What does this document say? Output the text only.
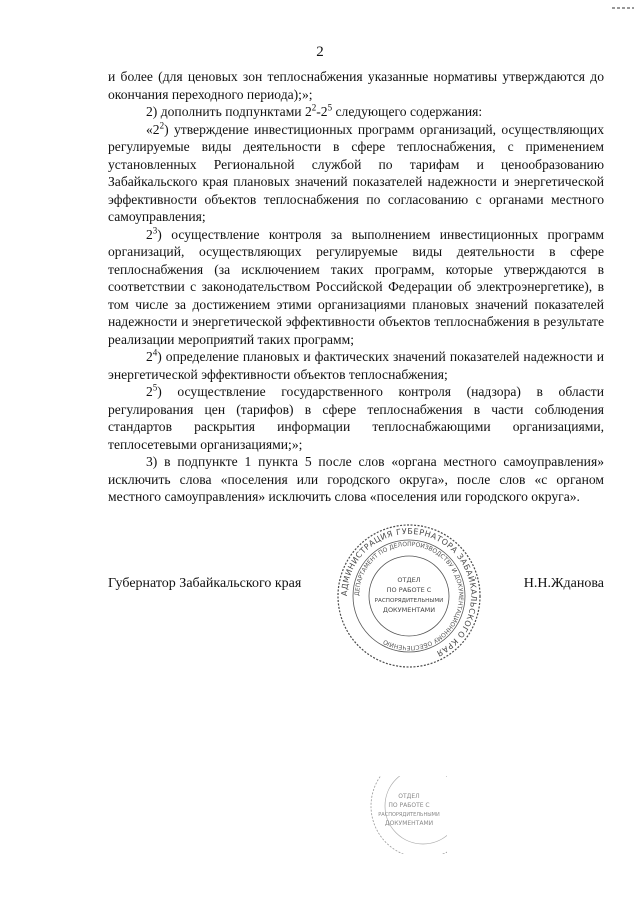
2

и более (для ценовых зон теплоснабжения указанные нормативы утверждаются до окончания переходного периода);»;

2) дополнить подпунктами $2^2-2^5$ следующего содержания:

«$2^2$) утверждение инвестиционных программ организаций, осуществляющих регулируемые виды деятельности в сфере теплоснабжения, с применением установленных Региональной службой по тарифам и ценообразованию Забайкальского края плановых значений показателей надежности и энергетической эффективности объектов теплоснабжения по согласованию с органами местного самоуправления;

$2^3$) осуществление контроля за выполнением инвестиционных программ организаций, осуществляющих регулируемые виды деятельности в сфере теплоснабжения (за исключением таких программ, которые утверждаются в соответствии с законодательством Российской Федерации об электроэнергетике), в том числе за достижением этими организациями плановых значений показателей надежности и энергетической эффективности объектов теплоснабжения в результате реализации мероприятий таких программ;

$2^4$) определение плановых и фактических значений показателей надежности и энергетической эффективности объектов теплоснабжения;

$2^5$) осуществление государственного контроля (надзора) в области регулирования цен (тарифов) в сфере теплоснабжения в части соблюдения стандартов раскрытия информации теплоснабжающими организациями, теплосетевыми организациями;»;

3) в подпункте 1 пункта 5 после слов «органа местного самоуправления» исключить слова «поселения или городского округа», после слов «с органом местного самоуправления» исключить слова «поселения или городского округа».

Губернатор Забайкальского края	Н.Н.Жданова
АДМИНИСТРАЦИЯ ГУБЕРНАТОРА ЗАБАЙКАЛЬСКОГО КРАЯ
ДЕПАРТАМЕНТ ПО ДЕЛОПРОИЗВОДСТВУ И ДОКУМЕНТАЦИОННОМУ ОБЕСПЕЧЕНИЮ
ОТДЕЛ
ПО РАБОТЕ С
РАСПОРЯДИТЕЛЬНЫМИ
ДОКУМЕНТАМИ
ОТДЕЛ
ПО РАБОТЕ С
РАСПОРЯДИТЕЛЬНЫМИ
ДОКУМЕНТАМИ
